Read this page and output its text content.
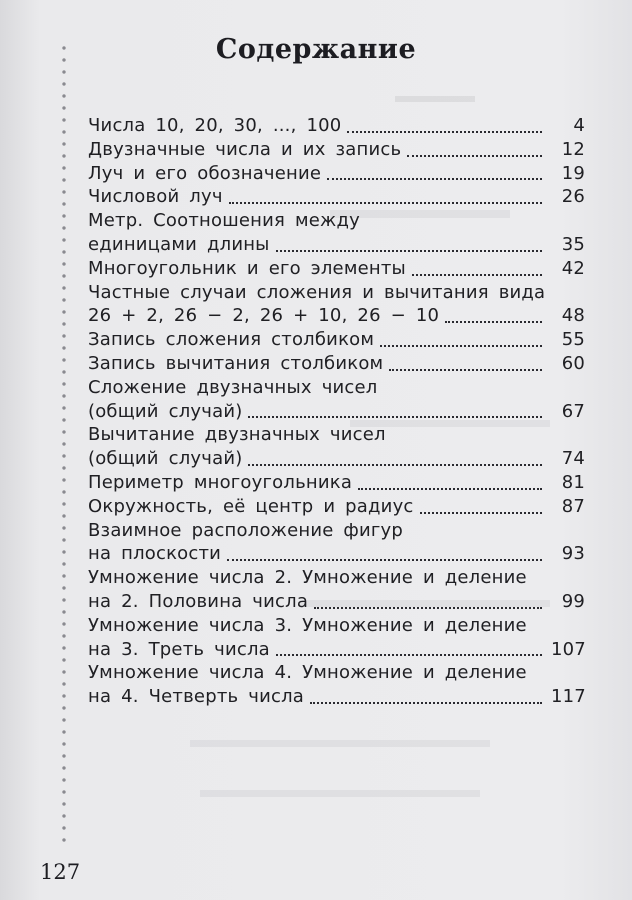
Содержание
Числа 10, 20, 30, ..., 100	4
Двузначные числа и их запись	12
Луч и его обозначение	19
Числовой луч	26
Метр. Соотношения между
единицами длины	35
Многоугольник и его элементы	42
Частные случаи сложения и вычитания вида
26 + 2, 26 − 2, 26 + 10, 26 − 10	48
Запись сложения столбиком	55
Запись вычитания столбиком	60
Сложение двузначных чисел
(общий случай)	67
Вычитание двузначных чисел
(общий случай)	74
Периметр многоугольника	81
Окружность, её центр и радиус	87
Взаимное расположение фигур
на плоскости	93
Умножение числа 2. Умножение и деление
на 2. Половина числа	99
Умножение числа 3. Умножение и деление
на 3. Треть числа	107
Умножение числа 4. Умножение и деление
на 4. Четверть числа	117
127
